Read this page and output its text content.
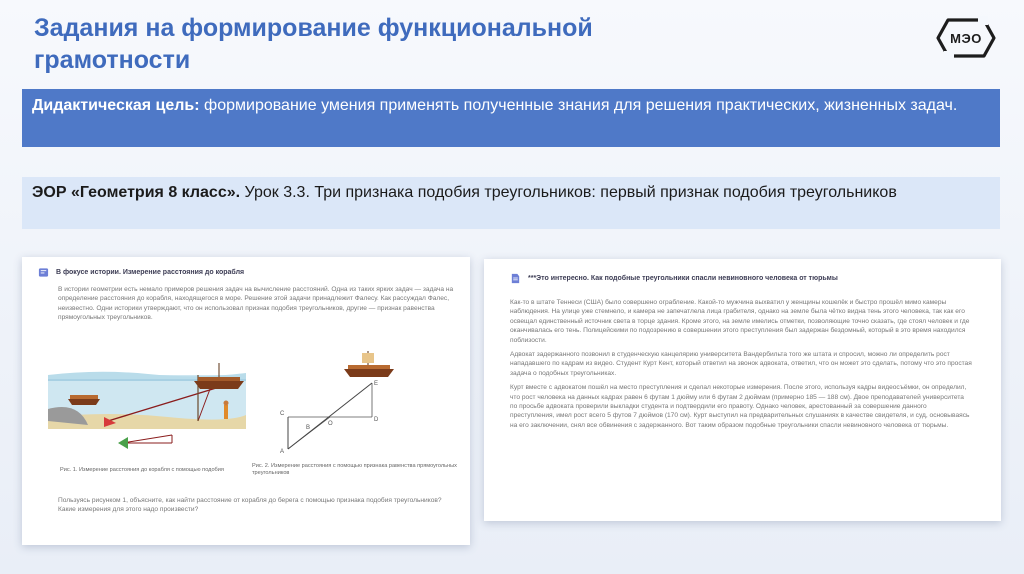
Задания на формирование функциональной
грамотности
МЭО
Дидактическая цель: формирование умения применять полученные знания для решения практических, жизненных задач.
ЭОР «Геометрия 8 класс». Урок 3.3. Три признака подобия треугольников: первый признак подобия треугольников
В фокусе истории. Измерение расстояния до корабля
В истории геометрии есть немало примеров решения задач на вычисление расстояний. Одна из таких ярких задач — задача на определение расстояния до корабля, находящегося в море. Решение этой задачи принадлежит Фалесу. Как рассуждал Фалес, неизвестно. Одни историки утверждают, что он использовал признак подобия треугольников, другие — признак равенства прямоугольных треугольников.
Рис. 1. Измерение расстояния до корабля с помощью подобия
E
D
C
O
A
B
Рис. 2. Измерение расстояния с помощью признака равенства прямоугольных треугольников
Пользуясь рисунком 1, объясните, как найти расстояние от корабля до берега с помощью признака подобия треугольников? Какие измерения для этого надо произвести?
***Это интересно. Как подобные треугольники спасли невиновного человека от тюрьмы
Как-то в штате Теннеси (США) было совершено ограбление. Какой-то мужчина выхватил у женщины кошелёк и быстро прошёл мимо камеры наблюдения. На улице уже стемнело, и камера не запечатлела лица грабителя, однако на земле была чётко видна тень этого человека, так как его освещал единственный источник света в торце здания. Кроме этого, на земле имелись отметки, позволяющие точно сказать, где стоял человек и где оканчивалась его тень. Полицейскими по подозрению в совершении этого преступления был задержан бездомный, который в это время находился поблизости.
Адвокат задержанного позвонил в студенческую канцелярию университета Вандербильта того же штата и спросил, можно ли определить рост нападавшего по кадрам из видео. Студент Курт Кент, который ответил на звонок адвоката, ответил, что он может это сделать, потому что это простая задача о подобных треугольниках.
Курт вместе с адвокатом пошёл на место преступления и сделал некоторые измерения. После этого, используя кадры видеосъёмки, он определил, что рост человека на данных кадрах равен 6 футам 1 дюйму или 6 футам 2 дюймам (примерно 185 — 188 см). Двое преподавателей университета по просьбе адвоката проверили выкладки студента и подтвердили его правоту. Однако человек, арестованный за совершение данного преступления, имел рост всего 5 футов 7 дюймов (170 см). Курт выступил на предварительных слушаниях в качестве свидетеля, и суд, основываясь на его заключении, снял все обвинения с задержанного. Вот таким образом подобные треугольники спасли невиновного человека от тюрьмы.
